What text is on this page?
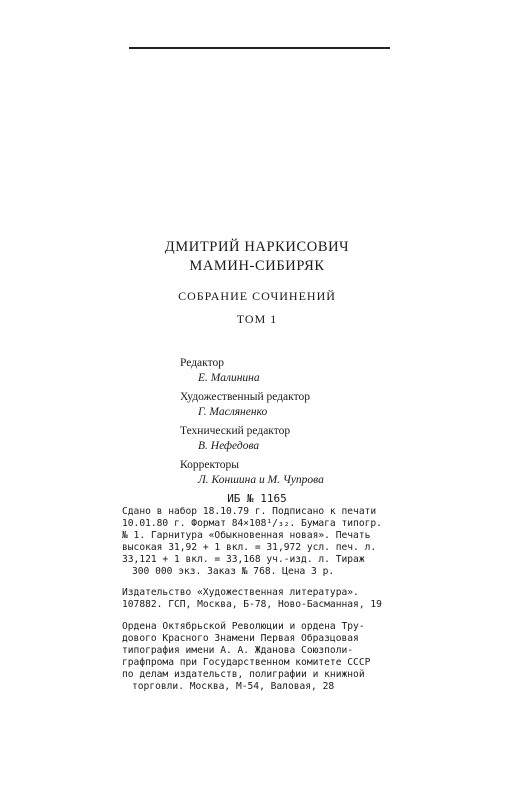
ДМИТРИЙ НАРКИСОВИЧ
МАМИН-СИБИРЯК
СОБРАНИЕ СОЧИНЕНИЙ
ТОМ 1
Редактор
Е. Малинина
Художественный редактор
Г. Масляненко
Технический редактор
В. Нефедова
Корректоры
Л. Коншина и М. Чупрова
ИБ № 1165
Сдано в набор 18.10.79 г. Подписано к печати
10.01.80 г. Формат 84×108¹/₃₂. Бумага типогр.
№ 1. Гарнитура «Обыкновенная новая». Печать
высокая 31,92 + 1 вкл. = 31,972 усл. печ. л.
33,121 + 1 вкл. = 33,168 уч.-изд. л. Тираж
300 000 экз. Заказ № 768. Цена 3 р.
Издательство «Художественная литература».
107882. ГСП, Москва, Б-78, Ново-Басманная, 19
Ордена Октябрьской Революции и ордена Тру-
дового Красного Знамени Первая Образцовая
типография имени А. А. Жданова Союзполи-
графпрома при Государственном комитете СССР
по делам издательств, полиграфии и книжной
торговли. Москва, М-54, Валовая, 28
